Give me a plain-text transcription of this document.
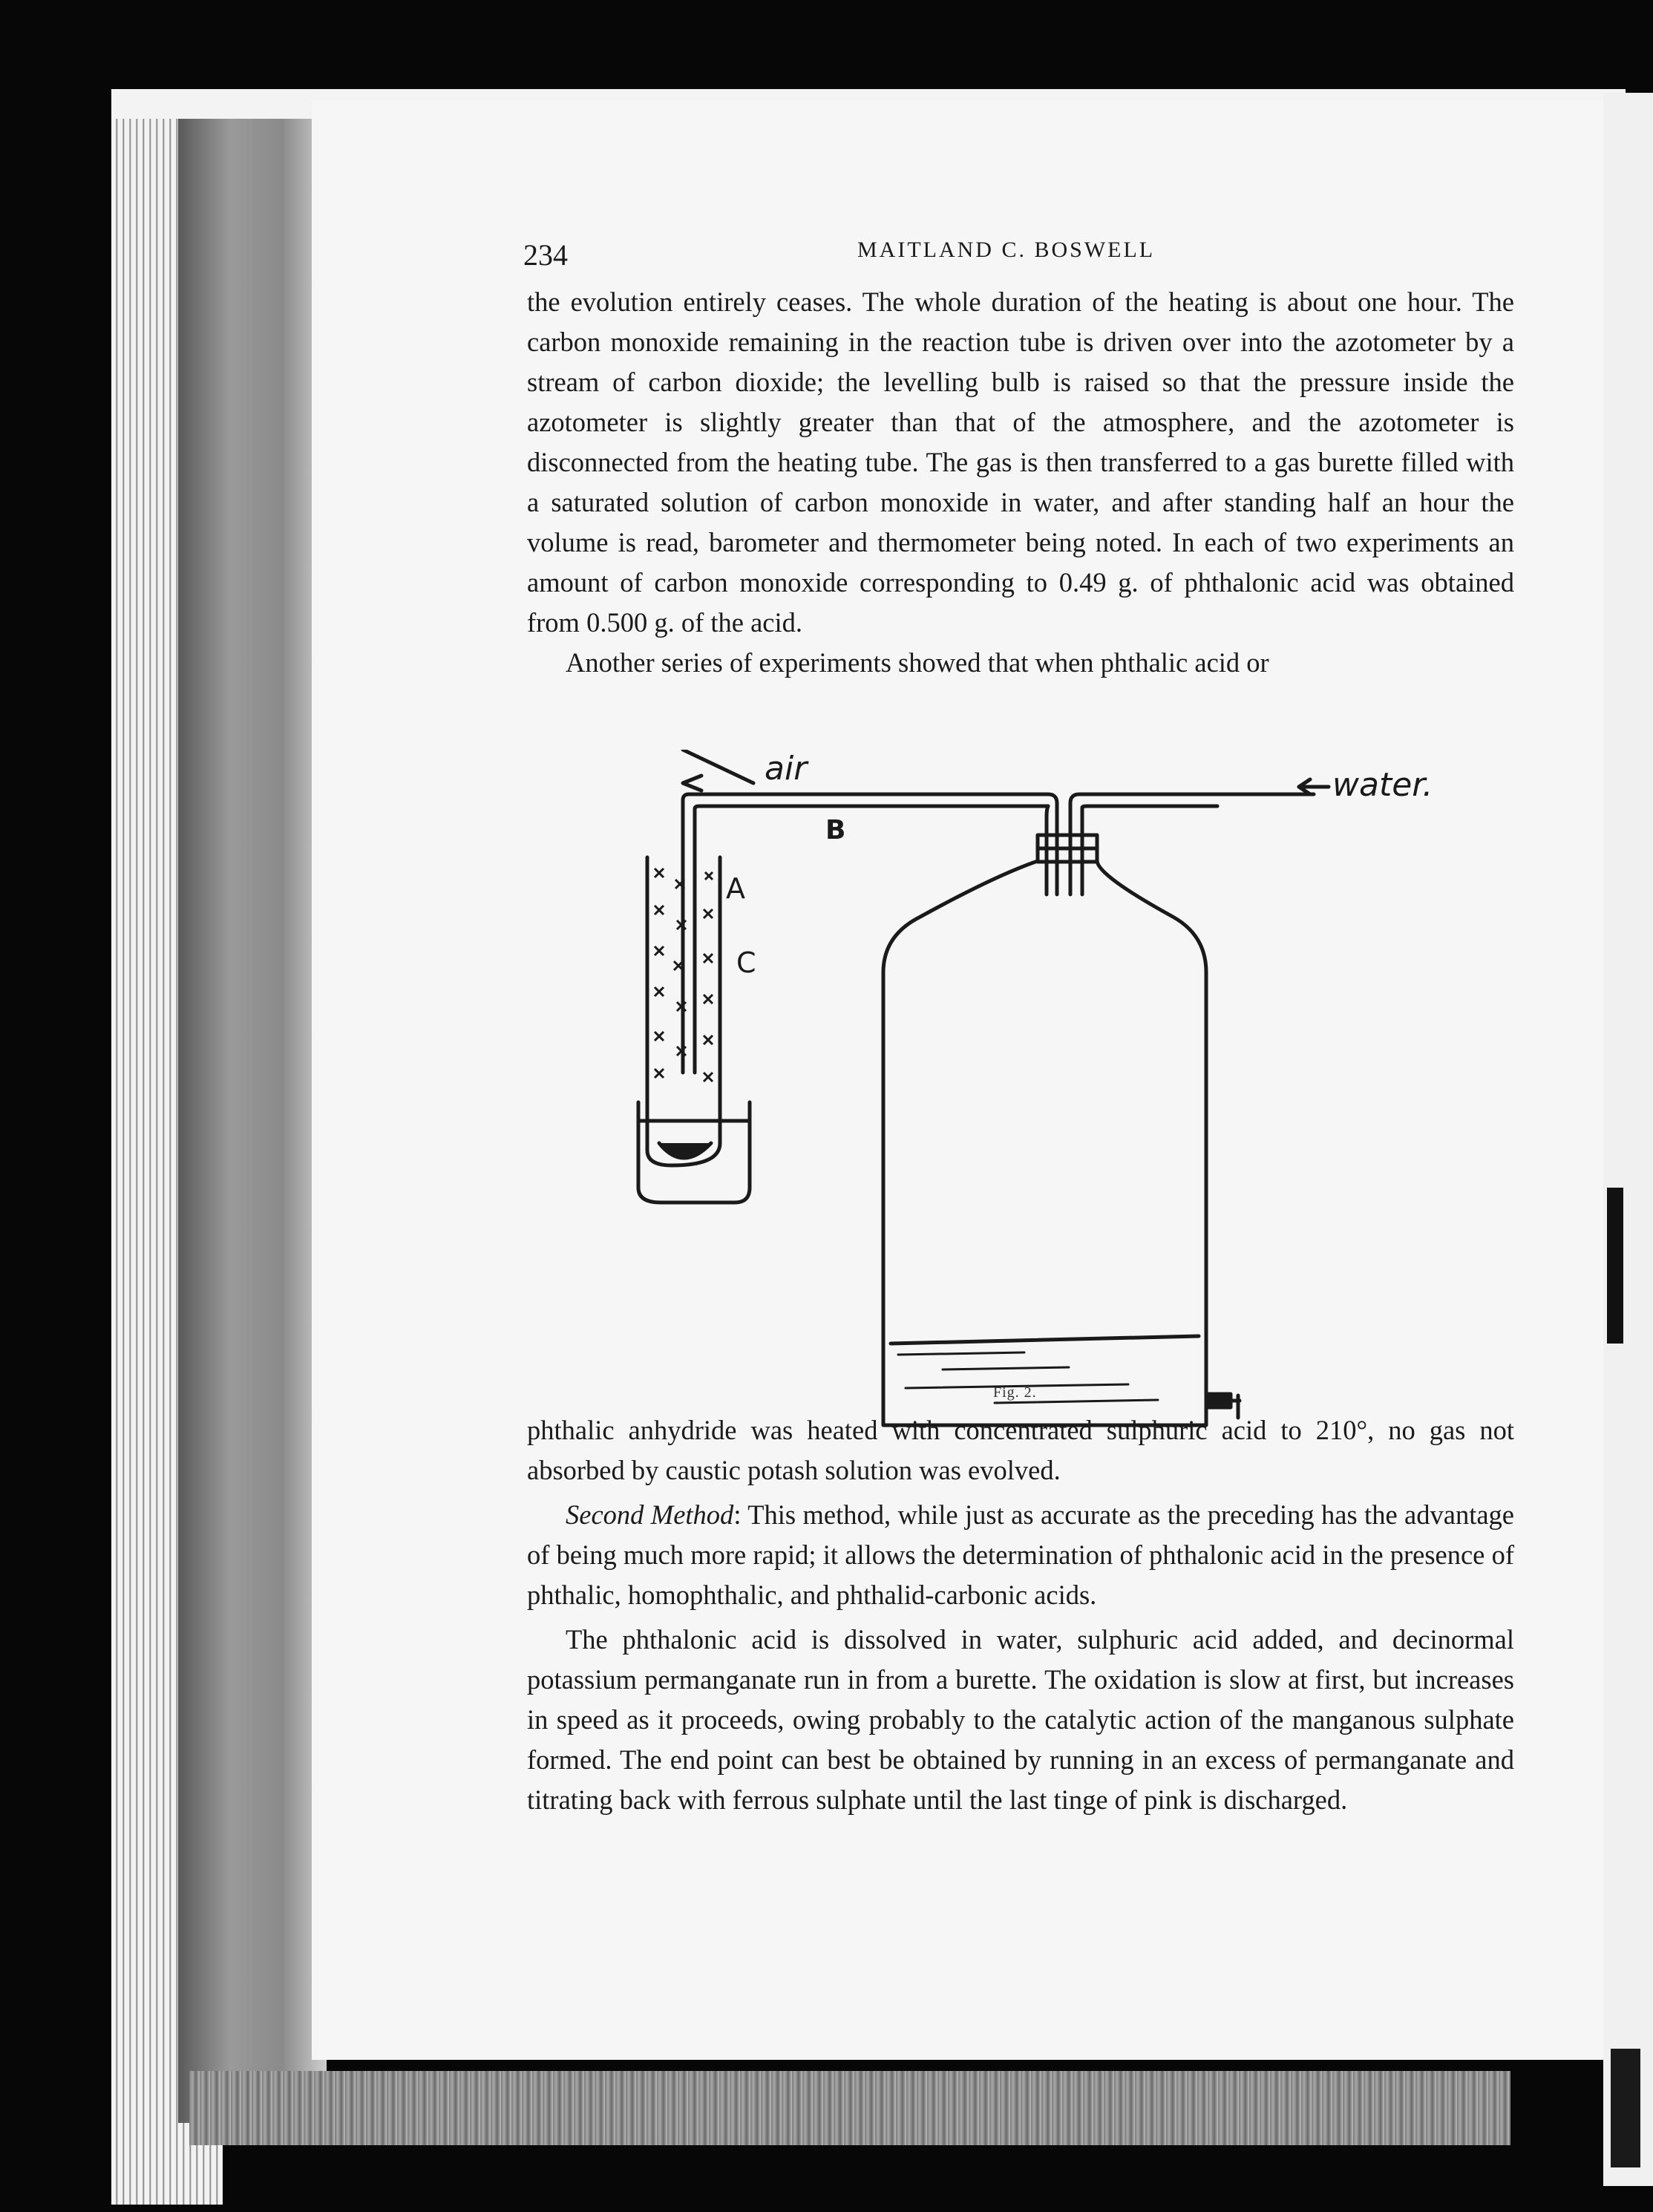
234	MAITLAND C. BOSWELL

the evolution entirely ceases. The whole duration of the heating is about one hour. The carbon monoxide remaining in the reaction tube is driven over into the azotometer by a stream of carbon dioxide; the levelling bulb is raised so that the pressure inside the azotometer is slightly greater than that of the atmosphere, and the azotometer is disconnected from the heating tube. The gas is then transferred to a gas burette filled with a saturated solution of carbon monoxide in water, and after standing half an hour the volume is read, barometer and thermometer being noted. In each of two experiments an amount of carbon monoxide corresponding to 0.49 g. of phthalonic acid was obtained from 0.500 g. of the acid.

Another series of experiments showed that when phthalic acid or

air	water.
B
A
C
Fig. 2.

phthalic anhydride was heated with concentrated sulphuric acid to 210°, no gas not absorbed by caustic potash solution was evolved.

Second Method: This method, while just as accurate as the preceding has the advantage of being much more rapid; it allows the determination of phthalonic acid in the presence of phthalic, homophthalic, and phthalid-carbonic acids.

The phthalonic acid is dissolved in water, sulphuric acid added, and decinormal potassium permanganate run in from a burette. The oxidation is slow at first, but increases in speed as it proceeds, owing probably to the catalytic action of the manganous sulphate formed. The end point can best be obtained by running in an excess of permanganate and titrating back with ferrous sulphate until the last tinge of pink is discharged.
